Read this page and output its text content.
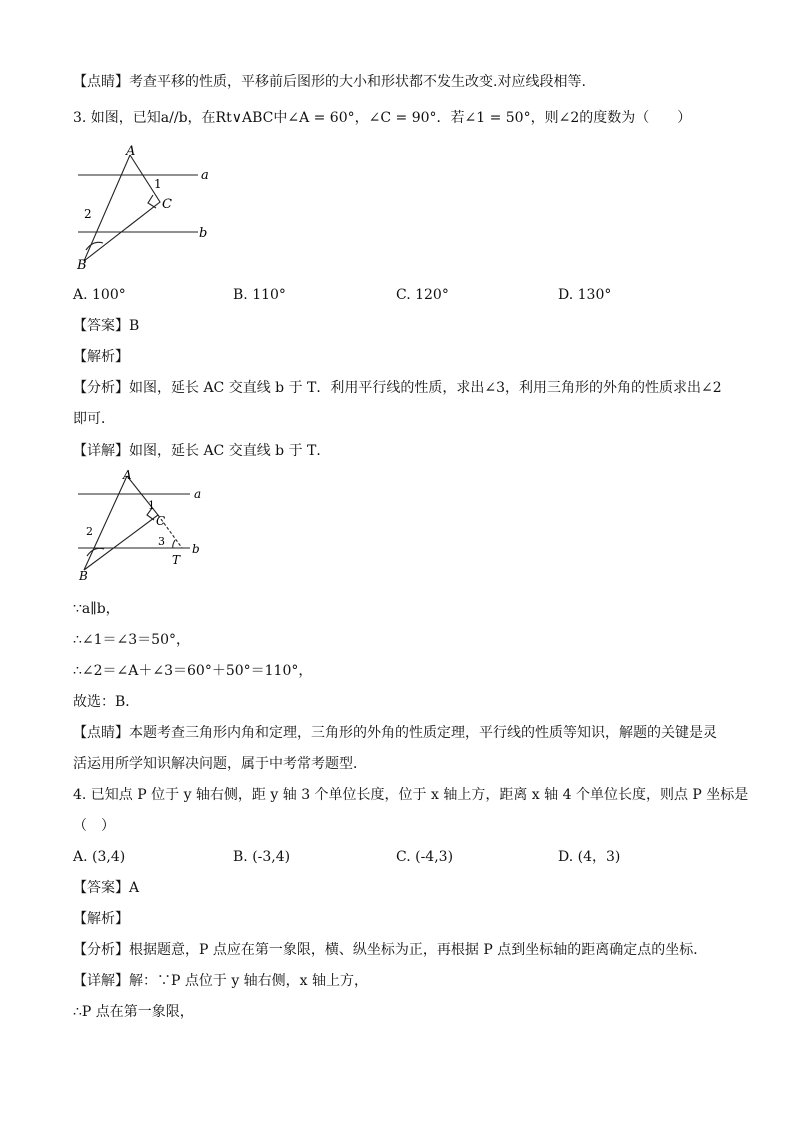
【点睛】考查平移的性质，平移前后图形的大小和形状都不发生改变.对应线段相等.
3. 如图，已知a//b，在Rt∨ABC中∠A = 60°，∠C = 90°．若∠1 = 50°，则∠2的度数为（　　）
A
B
C
a
b
1
2
A. 100°	B. 110°	C. 120°	D. 130°
【答案】B
【解析】
【分析】如图，延长 AC 交直线 b 于 T．利用平行线的性质，求出∠3，利用三角形的外角的性质求出∠2
即可．
【详解】如图，延长 AC 交直线 b 于 T．
A
B
C
T
a
b
1
2
3
∵a∥b，
∴∠1＝∠3＝50°，
∴∠2＝∠A＋∠3＝60°＋50°＝110°，
故选：B．
【点睛】本题考查三角形内角和定理，三角形的外角的性质定理，平行线的性质等知识，解题的关键是灵
活运用所学知识解决问题，属于中考常考题型．
4. 已知点 P 位于 y 轴右侧，距 y 轴 3 个单位长度，位于 x 轴上方，距离 x 轴 4 个单位长度，则点 P 坐标是
（　）
A. (3,4)	B. (-3,4)	C. (-4,3)	D. (4，3)
【答案】A
【解析】
【分析】根据题意，P 点应在第一象限，横、纵坐标为正，再根据 P 点到坐标轴的距离确定点的坐标．
【详解】解：∵P 点位于 y 轴右侧，x 轴上方，
∴P 点在第一象限，
